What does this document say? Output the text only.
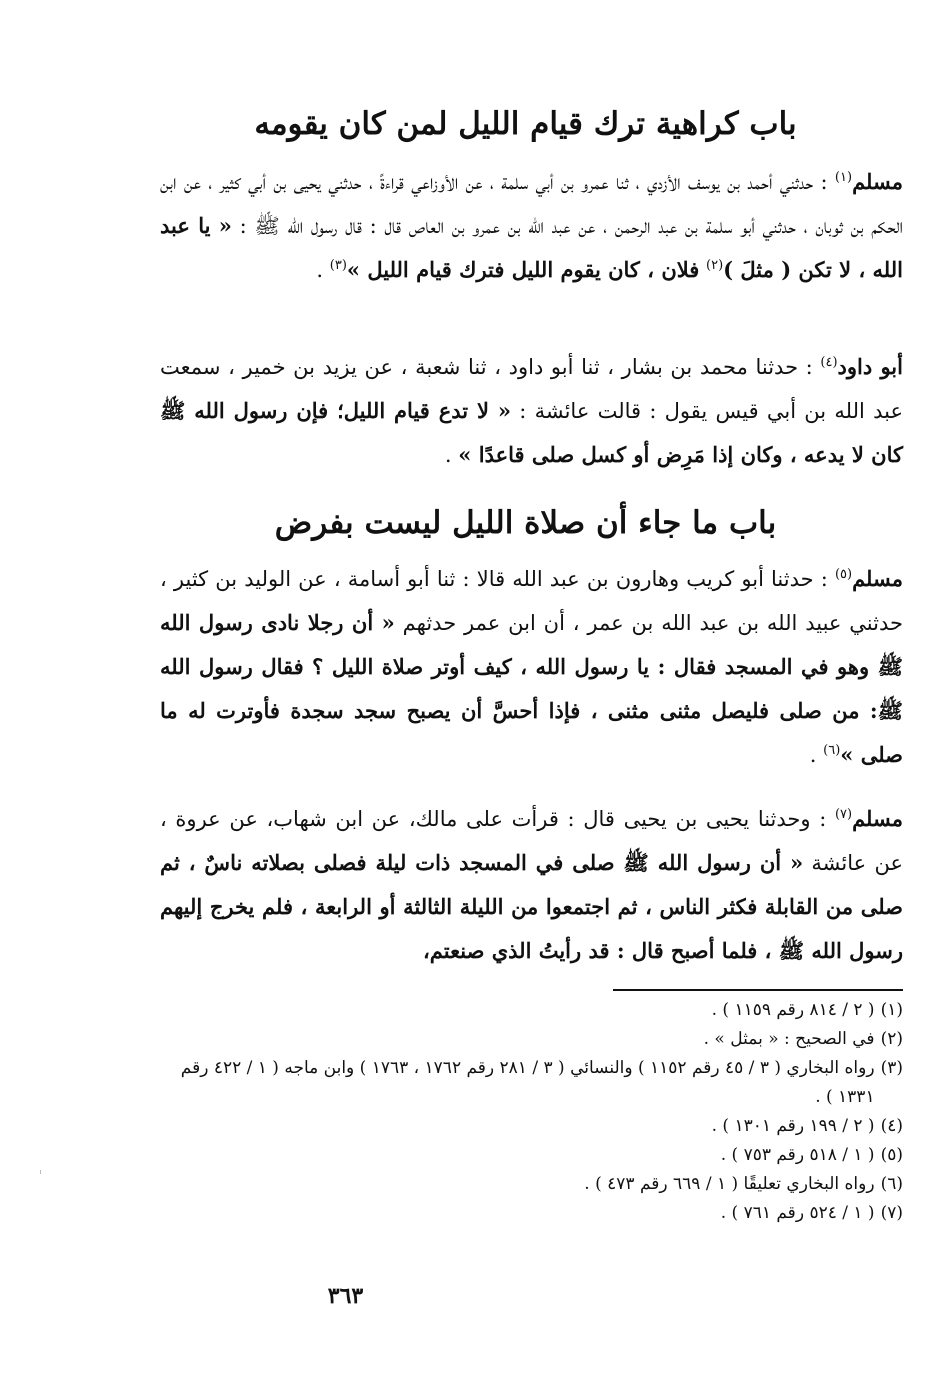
باب كراهية ترك قيام الليل لمن كان يقومه
مسلم$^{(١)}$ : حدثني أحمد بن يوسف الأزدي ، ثنا عمرو بن أبي سلمة ، عن الأوزاعي قراءةً ، حدثني يحيى بن أبي كثير ، عن ابن الحكم بن ثوبان ، حدثني أبو سلمة بن عبد الرحمن ، عن عبد الله بن عمرو بن العاص قال : قال رسول الله ﷺ : « يا عبد الله ، لا تكن ( مثلَ )$^{(٢)}$ فلان ، كان يقوم الليل فترك قيام الليل »$^{(٣)}$ .
أبو داود$^{(٤)}$ : حدثنا محمد بن بشار ، ثنا أبو داود ، ثنا شعبة ، عن يزيد بن خمير ، سمعت عبد الله بن أبي قيس يقول : قالت عائشة : « لا تدع قيام الليل؛ فإن رسول الله ﷺ كان لا يدعه ، وكان إذا مَرِض أو كسل صلى قاعدًا » .
باب ما جاء أن صلاة الليل ليست بفرض
مسلم$^{(٥)}$ : حدثنا أبو كريب وهارون بن عبد الله قالا : ثنا أبو أسامة ، عن الوليد بن كثير ، حدثني عبيد الله بن عبد الله بن عمر ، أن ابن عمر حدثهم « أن رجلا نادى رسول الله ﷺ وهو في المسجد فقال : يا رسول الله ، كيف أوتر صلاة الليل ؟ فقال رسول الله ﷺ: من صلى فليصل مثنى مثنى ، فإذا أحسَّ أن يصبح سجد سجدة فأوترت له ما صلى »$^{(٦)}$ .
مسلم$^{(٧)}$ : وحدثنا يحيى بن يحيى قال : قرأت على مالك، عن ابن شهاب، عن عروة ، عن عائشة « أن رسول الله ﷺ صلى في المسجد ذات ليلة فصلى بصلاته ناسٌ ، ثم صلى من القابلة فكثر الناس ، ثم اجتمعوا من الليلة الثالثة أو الرابعة ، فلم يخرج إليهم رسول الله ﷺ ، فلما أصبح قال : قد رأيتُ الذي صنعتم،
(١)
( ٢ / ٨١٤ رقم ١١٥٩ ) .
(٢)
في الصحيح : « بمثل » .
(٣)
رواه البخاري ( ٣ / ٤٥ رقم ١١٥٢ ) والنسائي ( ٣ / ٢٨١ رقم ١٧٦٢ ، ١٧٦٣ ) وابن ماجه ( ١ / ٤٢٢ رقم ١٣٣١ ) .
(٤)
( ٢ / ١٩٩ رقم ١٣٠١ ) .
(٥)
( ١ / ٥١٨ رقم ٧٥٣ ) .
(٦)
رواه البخاري تعليقًا ( ١ / ٦٦٩ رقم ٤٧٣ ) .
(٧)
( ١ / ٥٢٤ رقم ٧٦١ ) .
٣٦٣
